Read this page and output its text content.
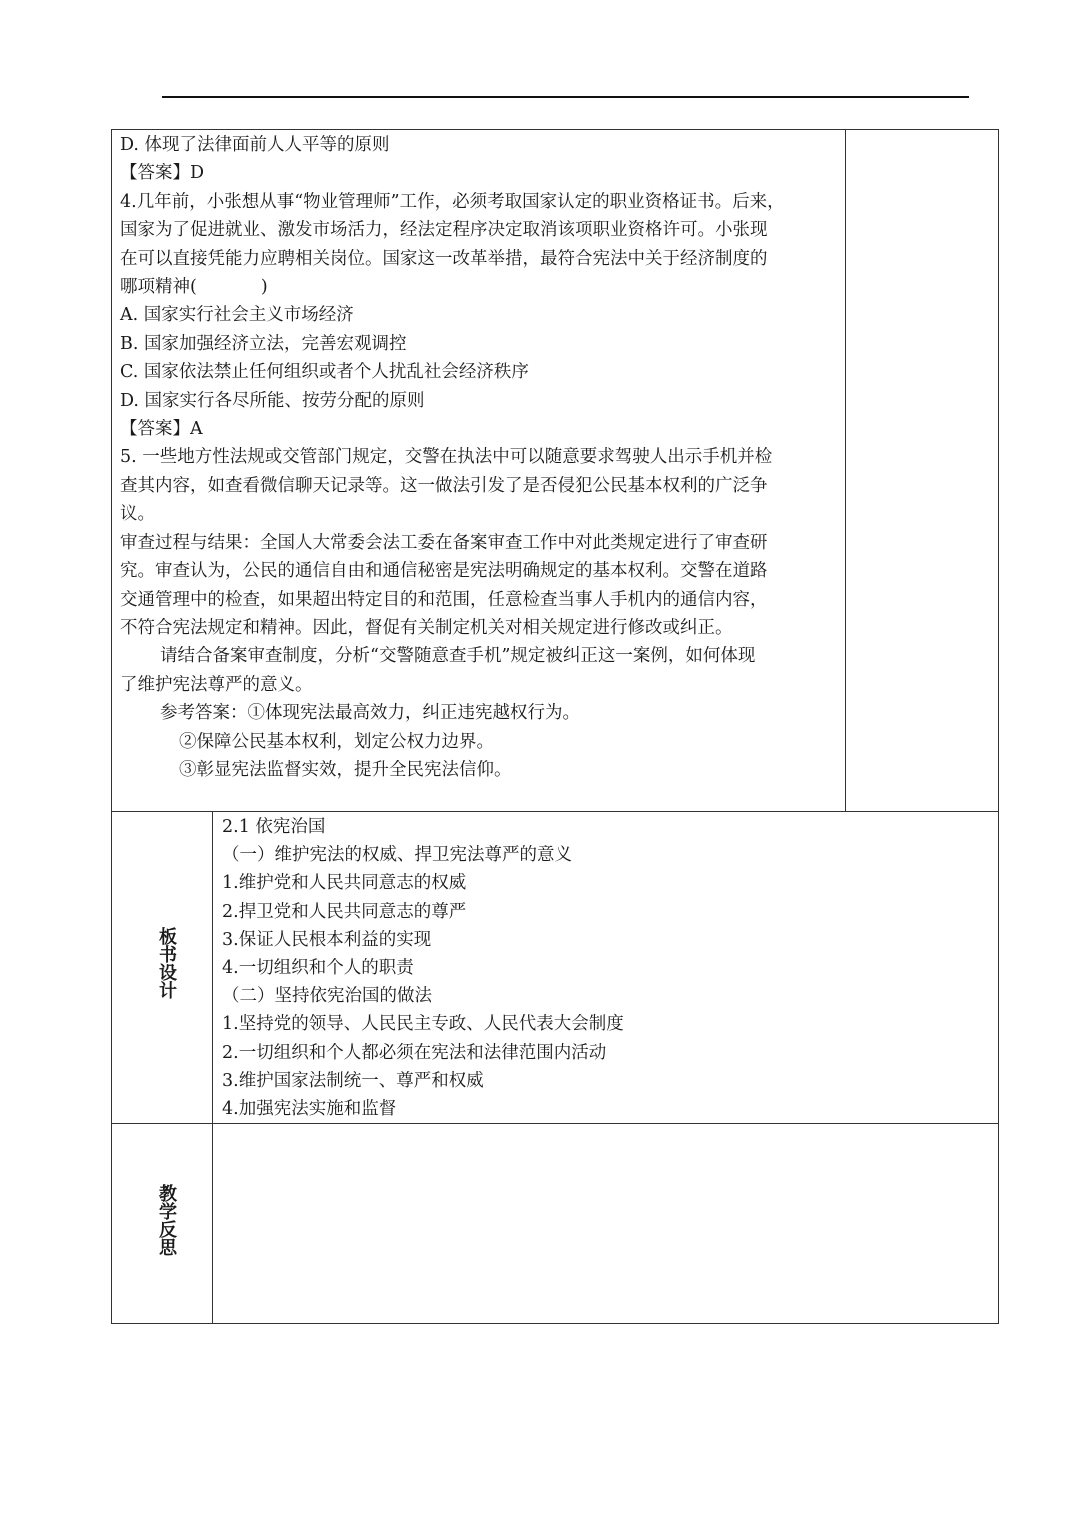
D. 体现了法律面前人人平等的原则

【答案】D

4.几年前，小张想从事“物业管理师”工作，必须考取国家认定的职业资格证书。后来，

国家为了促进就业、激发市场活力，经法定程序决定取消该项职业资格许可。小张现

在可以直接凭能力应聘相关岗位。国家这一改革举措，最符合宪法中关于经济制度的

哪项精神(	)

A. 国家实行社会主义市场经济

B. 国家加强经济立法，完善宏观调控

C. 国家依法禁止任何组织或者个人扰乱社会经济秩序

D. 国家实行各尽所能、按劳分配的原则

【答案】A

5. 一些地方性法规或交管部门规定，交警在执法中可以随意要求驾驶人出示手机并检

查其内容，如查看微信聊天记录等。这一做法引发了是否侵犯公民基本权利的广泛争

议。

审查过程与结果：全国人大常委会法工委在备案审查工作中对此类规定进行了审查研

究。审查认为，公民的通信自由和通信秘密是宪法明确规定的基本权利。交警在道路

交通管理中的检查，如果超出特定目的和范围，任意检查当事人手机内的通信内容，

不符合宪法规定和精神。因此，督促有关制定机关对相关规定进行修改或纠正。

请结合备案审查制度，分析“交警随意查手机”规定被纠正这一案例，如何体现

了维护宪法尊严的意义。

参考答案：①体现宪法最高效力，纠正违宪越权行为。

②保障公民基本权利，划定公权力边界。

③彰显宪法监督实效，提升全民宪法信仰。

板书设计

2.1 依宪治国

（一）维护宪法的权威、捍卫宪法尊严的意义

1.维护党和人民共同意志的权威

2.捍卫党和人民共同意志的尊严

3.保证人民根本利益的实现

4.一切组织和个人的职责

（二）坚持依宪治国的做法

1.坚持党的领导、人民民主专政、人民代表大会制度

2.一切组织和个人都必须在宪法和法律范围内活动

3.维护国家法制统一、尊严和权威

4.加强宪法实施和监督

教学反思
